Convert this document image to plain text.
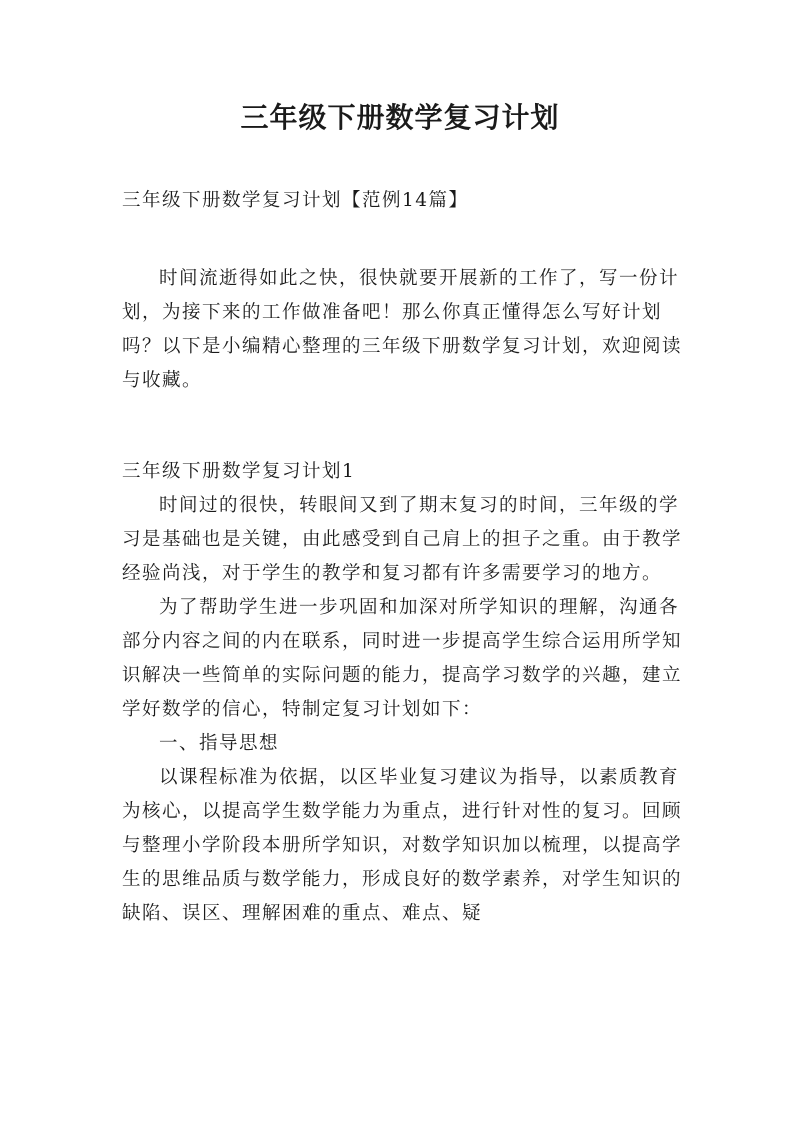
三年级下册数学复习计划
三年级下册数学复习计划【范例14篇】
时间流逝得如此之快，很快就要开展新的工作了，写一份计划，为接下来的工作做准备吧！那么你真正懂得怎么写好计划吗？以下是小编精心整理的三年级下册数学复习计划，欢迎阅读与收藏。

三年级下册数学复习计划1

时间过的很快，转眼间又到了期末复习的时间，三年级的学习是基础也是关键，由此感受到自己肩上的担子之重。由于教学经验尚浅，对于学生的教学和复习都有许多需要学习的地方。

为了帮助学生进一步巩固和加深对所学知识的理解，沟通各部分内容之间的内在联系，同时进一步提高学生综合运用所学知识解决一些简单的实际问题的能力，提高学习数学的兴趣，建立学好数学的信心，特制定复习计划如下：

一、指导思想

以课程标准为依据，以区毕业复习建议为指导，以素质教育为核心，以提高学生数学能力为重点，进行针对性的复习。回顾与整理小学阶段本册所学知识，对数学知识加以梳理，以提高学生的思维品质与数学能力，形成良好的数学素养，对学生知识的缺陷、误区、理解困难的重点、难点、疑
